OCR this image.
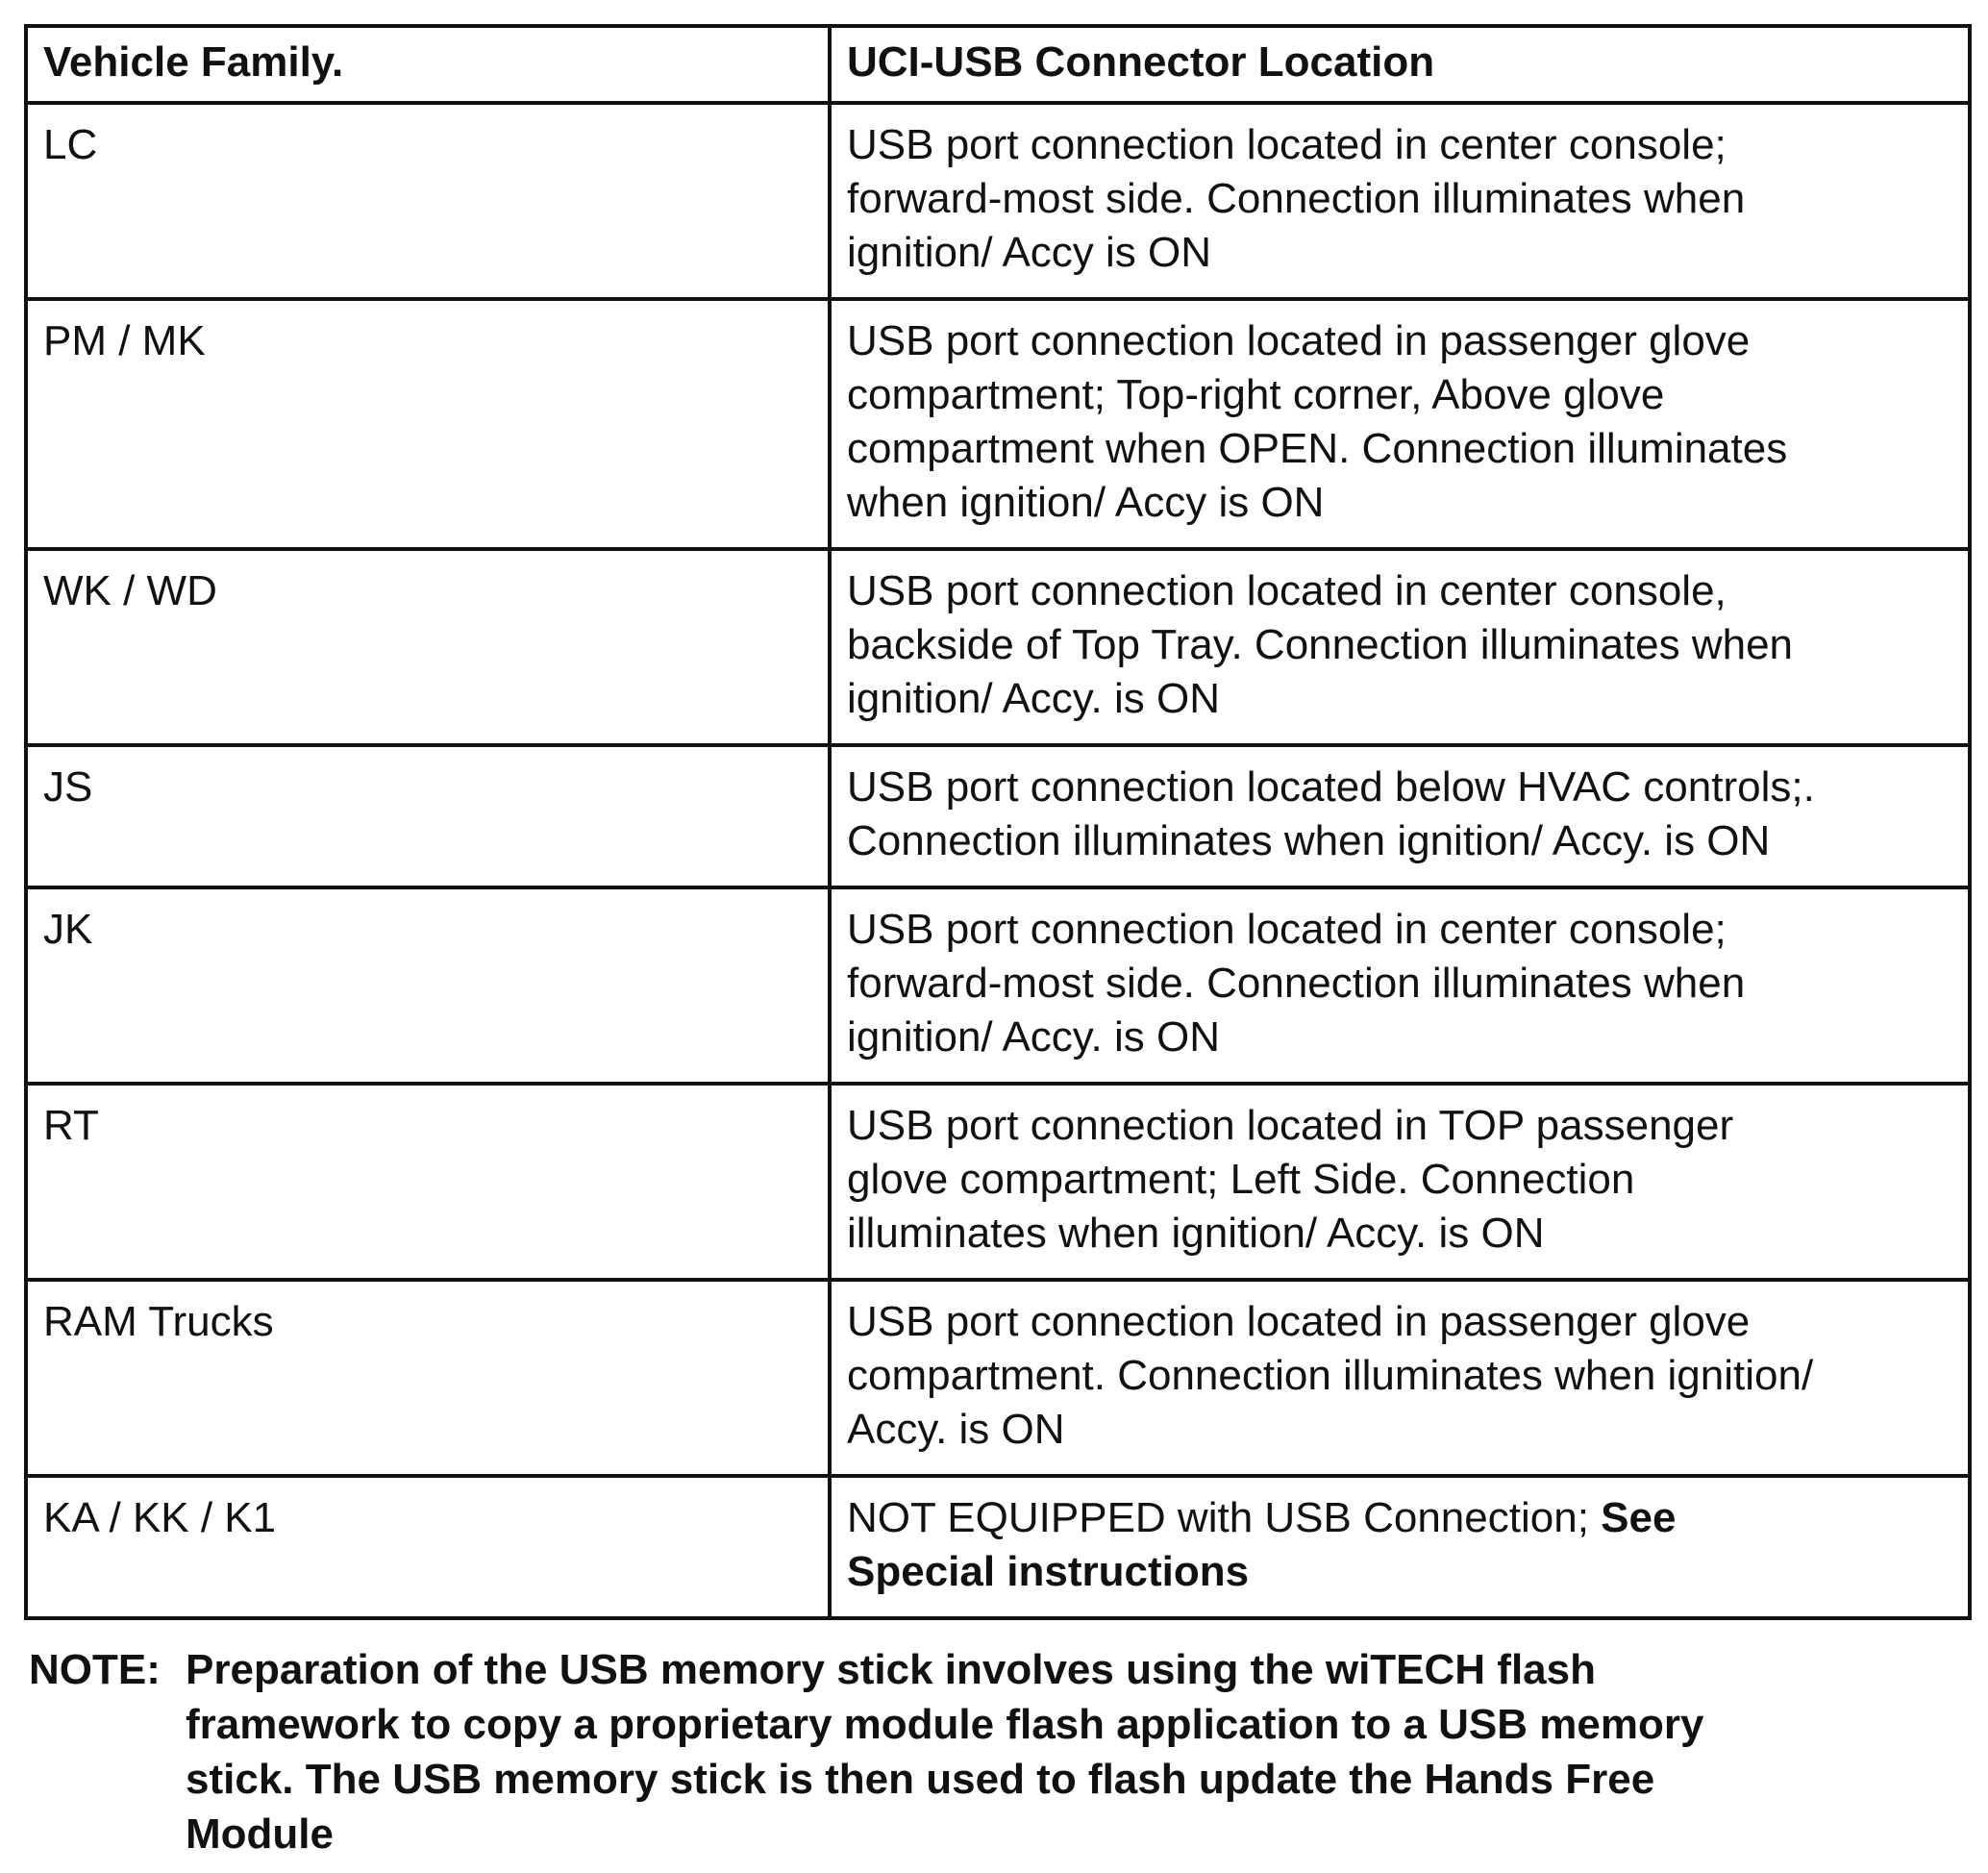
Vehicle Family.	UCI-USB Connector Location
LC	USB port connection located in center console;
forward-most side. Connection illuminates when
ignition/ Accy is ON
PM / MK	USB port connection located in passenger glove
compartment; Top-right corner, Above glove
compartment when OPEN. Connection illuminates
when ignition/ Accy is ON
WK / WD	USB port connection located in center console,
backside of Top Tray. Connection illuminates when
ignition/ Accy. is ON
JS	USB port connection located below HVAC controls;.
Connection illuminates when ignition/ Accy. is ON
JK	USB port connection located in center console;
forward-most side. Connection illuminates when
ignition/ Accy. is ON
RT	USB port connection located in TOP passenger
glove compartment; Left Side. Connection
illuminates when ignition/ Accy. is ON
RAM Trucks	USB port connection located in passenger glove
compartment. Connection illuminates when ignition/
Accy. is ON
KA / KK / K1	NOT EQUIPPED with USB Connection; See
Special instructions
NOTE: Preparation of the USB memory stick involves using the wiTECH flash
framework to copy a proprietary module flash application to a USB memory
stick. The USB memory stick is then used to flash update the Hands Free
Module
